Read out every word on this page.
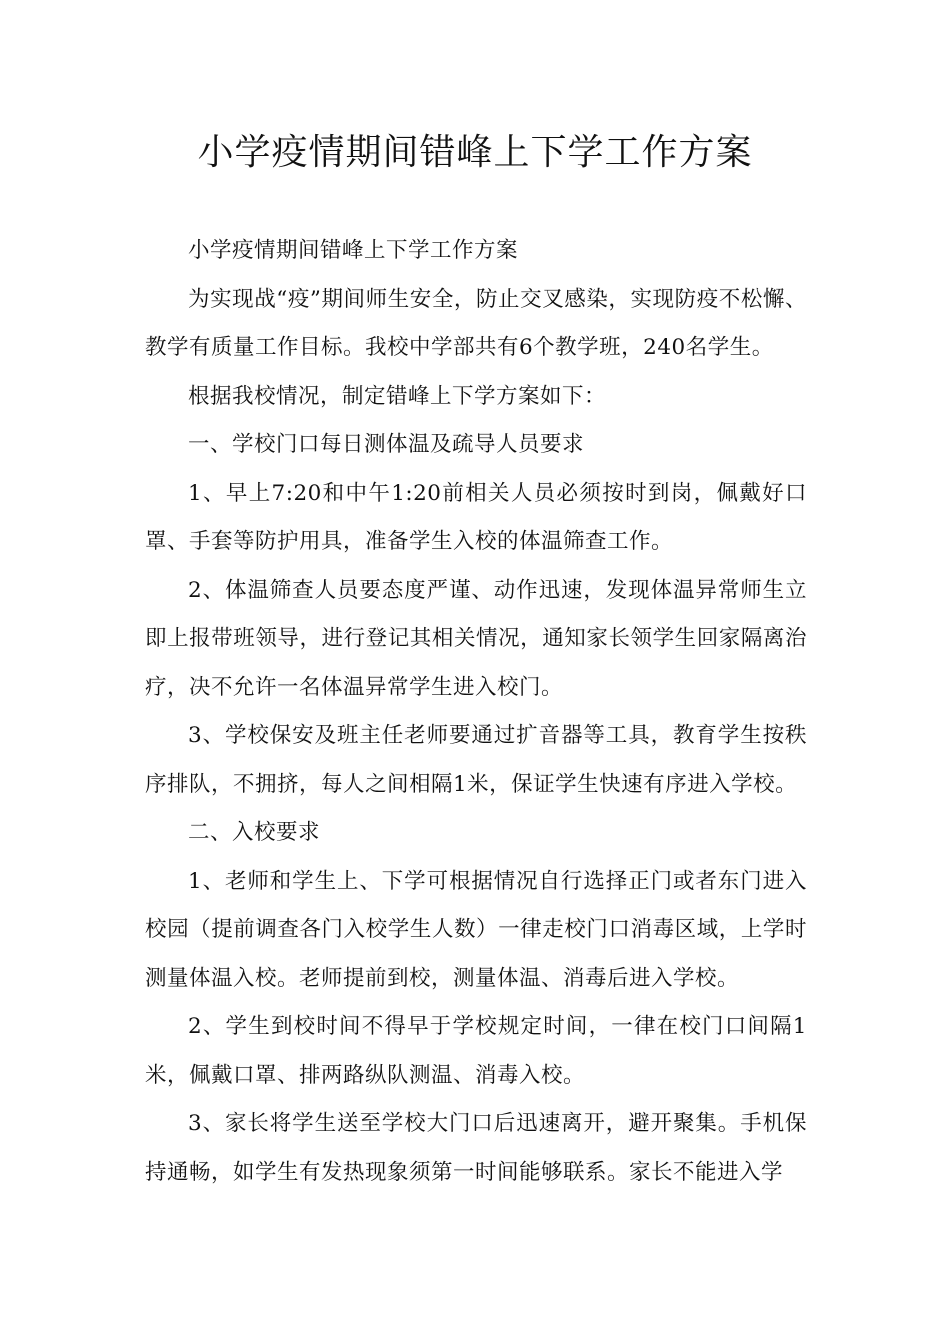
小学疫情期间错峰上下学工作方案

小学疫情期间错峰上下学工作方案

为实现战“疫”期间师生安全，防止交叉感染，实现防疫不松懈、教学有质量工作目标。我校中学部共有6个教学班，240名学生。

根据我校情况，制定错峰上下学方案如下：

一、学校门口每日测体温及疏导人员要求

1、早上7:20和中午1:20前相关人员必须按时到岗，佩戴好口罩、手套等防护用具，准备学生入校的体温筛查工作。

2、体温筛查人员要态度严谨、动作迅速，发现体温异常师生立即上报带班领导，进行登记其相关情况，通知家长领学生回家隔离治疗，决不允许一名体温异常学生进入校门。

3、学校保安及班主任老师要通过扩音器等工具，教育学生按秩序排队，不拥挤，每人之间相隔1米，保证学生快速有序进入学校。

二、入校要求

1、老师和学生上、下学可根据情况自行选择正门或者东门进入校园（提前调查各门入校学生人数）一律走校门口消毒区域，上学时测量体温入校。老师提前到校，测量体温、消毒后进入学校。

2、学生到校时间不得早于学校规定时间，一律在校门口间隔1米，佩戴口罩、排两路纵队测温、消毒入校。

3、家长将学生送至学校大门口后迅速离开，避开聚集。手机保持通畅，如学生有发热现象须第一时间能够联系。家长不能进入学
